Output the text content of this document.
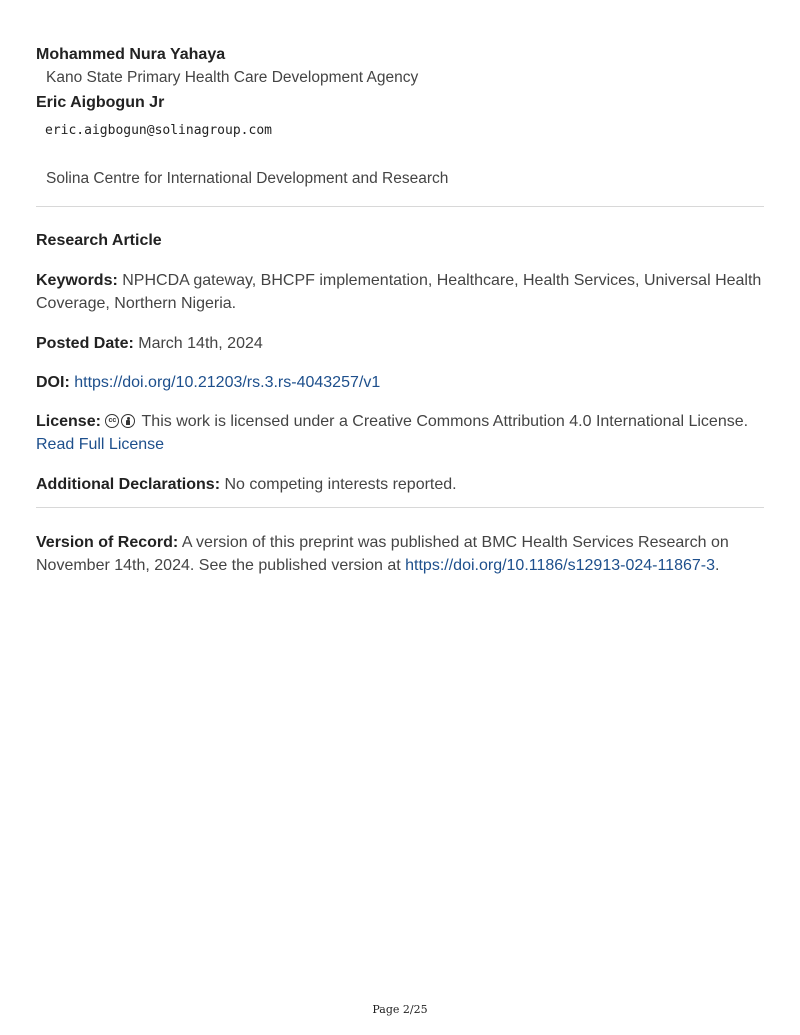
Mohammed Nura Yahaya
Kano State Primary Health Care Development Agency
Eric Aigbogun Jr
eric.aigbogun@solinagroup.com
Solina Centre for International Development and Research
Research Article
Keywords: NPHCDA gateway, BHCPF implementation, Healthcare, Health Services, Universal Health Coverage, Northern Nigeria.
Posted Date: March 14th, 2024
DOI: https://doi.org/10.21203/rs.3.rs-4043257/v1
License: cc This work is licensed under a Creative Commons Attribution 4.0 International License.
Read Full License
Additional Declarations: No competing interests reported.
Version of Record: A version of this preprint was published at BMC Health Services Research on November 14th, 2024. See the published version at https://doi.org/10.1186/s12913-024-11867-3.
Page 2/25
